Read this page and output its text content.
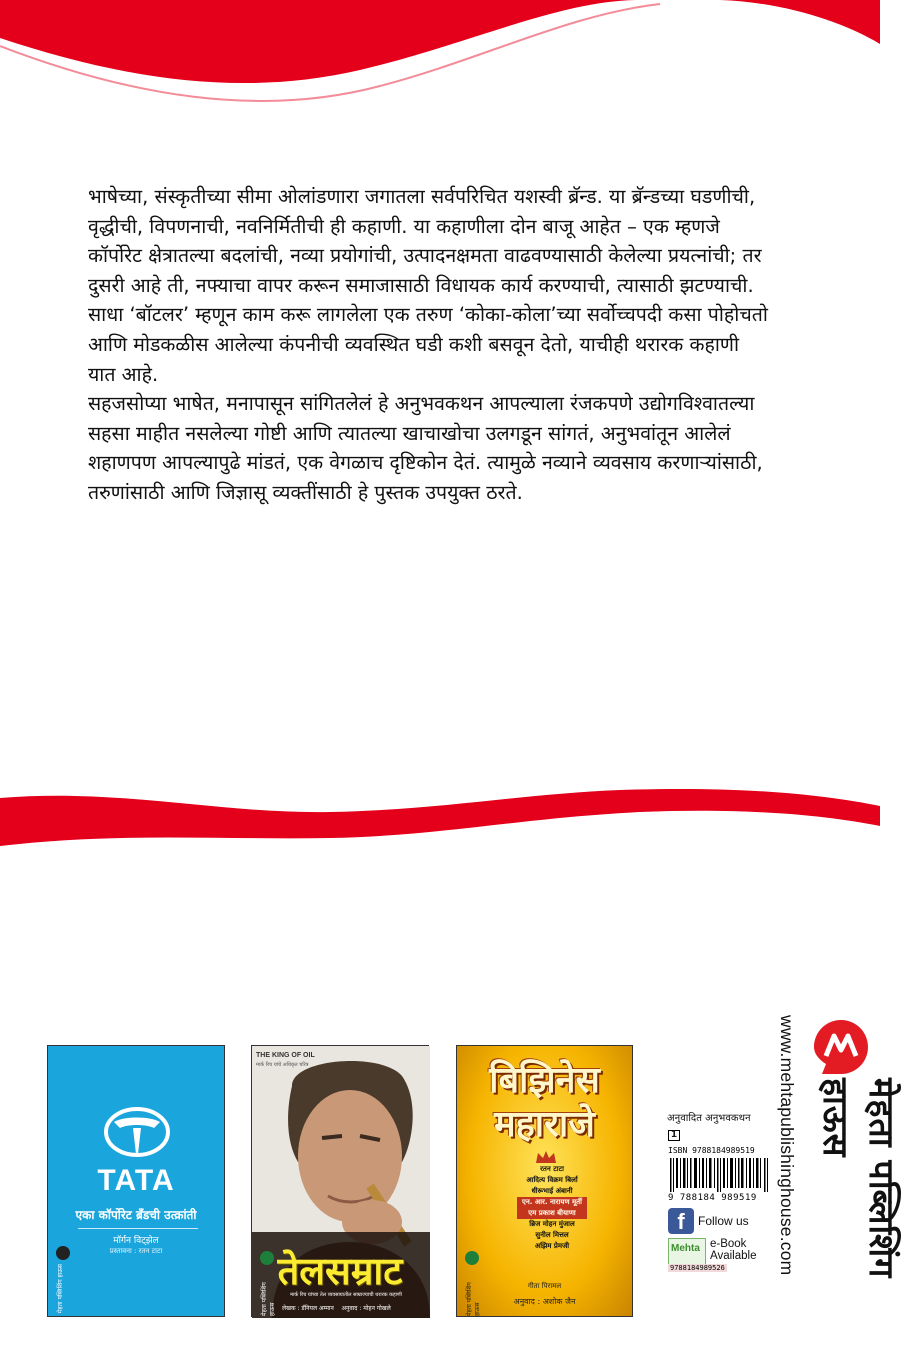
भाषेच्या, संस्कृतीच्या सीमा ओलांडणारा जगातला सर्वपरिचित यशस्वी ब्रॅन्ड. या ब्रॅन्डच्या घडणीची, वृद्धीची, विपणनाची, नवनिर्मितीची ही कहाणी. या कहाणीला दोन बाजू आहेत – एक म्हणजे कॉर्पोरेट क्षेत्रातल्या बदलांची, नव्या प्रयोगांची, उत्पादनक्षमता वाढवण्यासाठी केलेल्या प्रयत्नांची; तर दुसरी आहे ती, नफ्याचा वापर करून समाजासाठी विधायक कार्य करण्याची, त्यासाठी झटण्याची. साधा ‘बॉटलर’ म्हणून काम करू लागलेला एक तरुण ‘कोका-कोला’च्या सर्वोच्चपदी कसा पोहोचतो आणि मोडकळीस आलेल्या कंपनीची व्यवस्थित घडी कशी बसवून देतो, याचीही थरारक कहाणी यात आहे.

सहजसोप्या भाषेत, मनापासून सांगितलेलं हे अनुभवकथन आपल्याला रंजकपणे उद्योगविश्वातल्या सहसा माहीत नसलेल्या गोष्टी आणि त्यातल्या खाचाखोचा उलगडून सांगतं, अनुभवांतून आलेलं शहाणपण आपल्यापुढे मांडतं, एक वेगळाच दृष्टिकोन देतं. त्यामुळे नव्याने व्यवसाय करणाऱ्यांसाठी, तरुणांसाठी आणि जिज्ञासू व्यक्तींसाठी हे पुस्तक उपयुक्त ठरते.

TATA
एका कॉर्पोरेट ब्रँडची उत्क्रांती
मॉर्गन विट्झेल
प्रस्तावना : रतन टाटा
मेहता पब्लिशिंग हाऊस
THE KING OF OIL
मार्क रिच यांचे अधिकृत चरित्र
तेलसम्राट
मार्क रिच यांच्या तेल व्यवसायातील साम्राज्याची थरारक कहाणी
लेखक : डॅनियल अम्मान अनुवाद : मोहन गोखले
मेहता पब्लिशिंग हाऊस
बिझिनेस
महाराजे
रतन टाटा
आदित्य विक्रम बिर्ला
धीरूभाई अंबानी
एन. आर. नारायण मूर्ती
एम प्रकाश बीयाणा
ब्रिज मोहन मुंजाल
सुनील मित्तल
अझिम प्रेमजी
गीता पिरामल
अनुवाद : अशोक जैन
मेहता पब्लिशिंग हाऊस
अनुवादित अनुभवकथन
1
ISBN 9788184989519
9 788184 989519
f	Follow us
Mehta e-Book
Available
9788184989526	www.mehtapublishinghouse.com	मेहता पब्लिशिंग हाऊस
